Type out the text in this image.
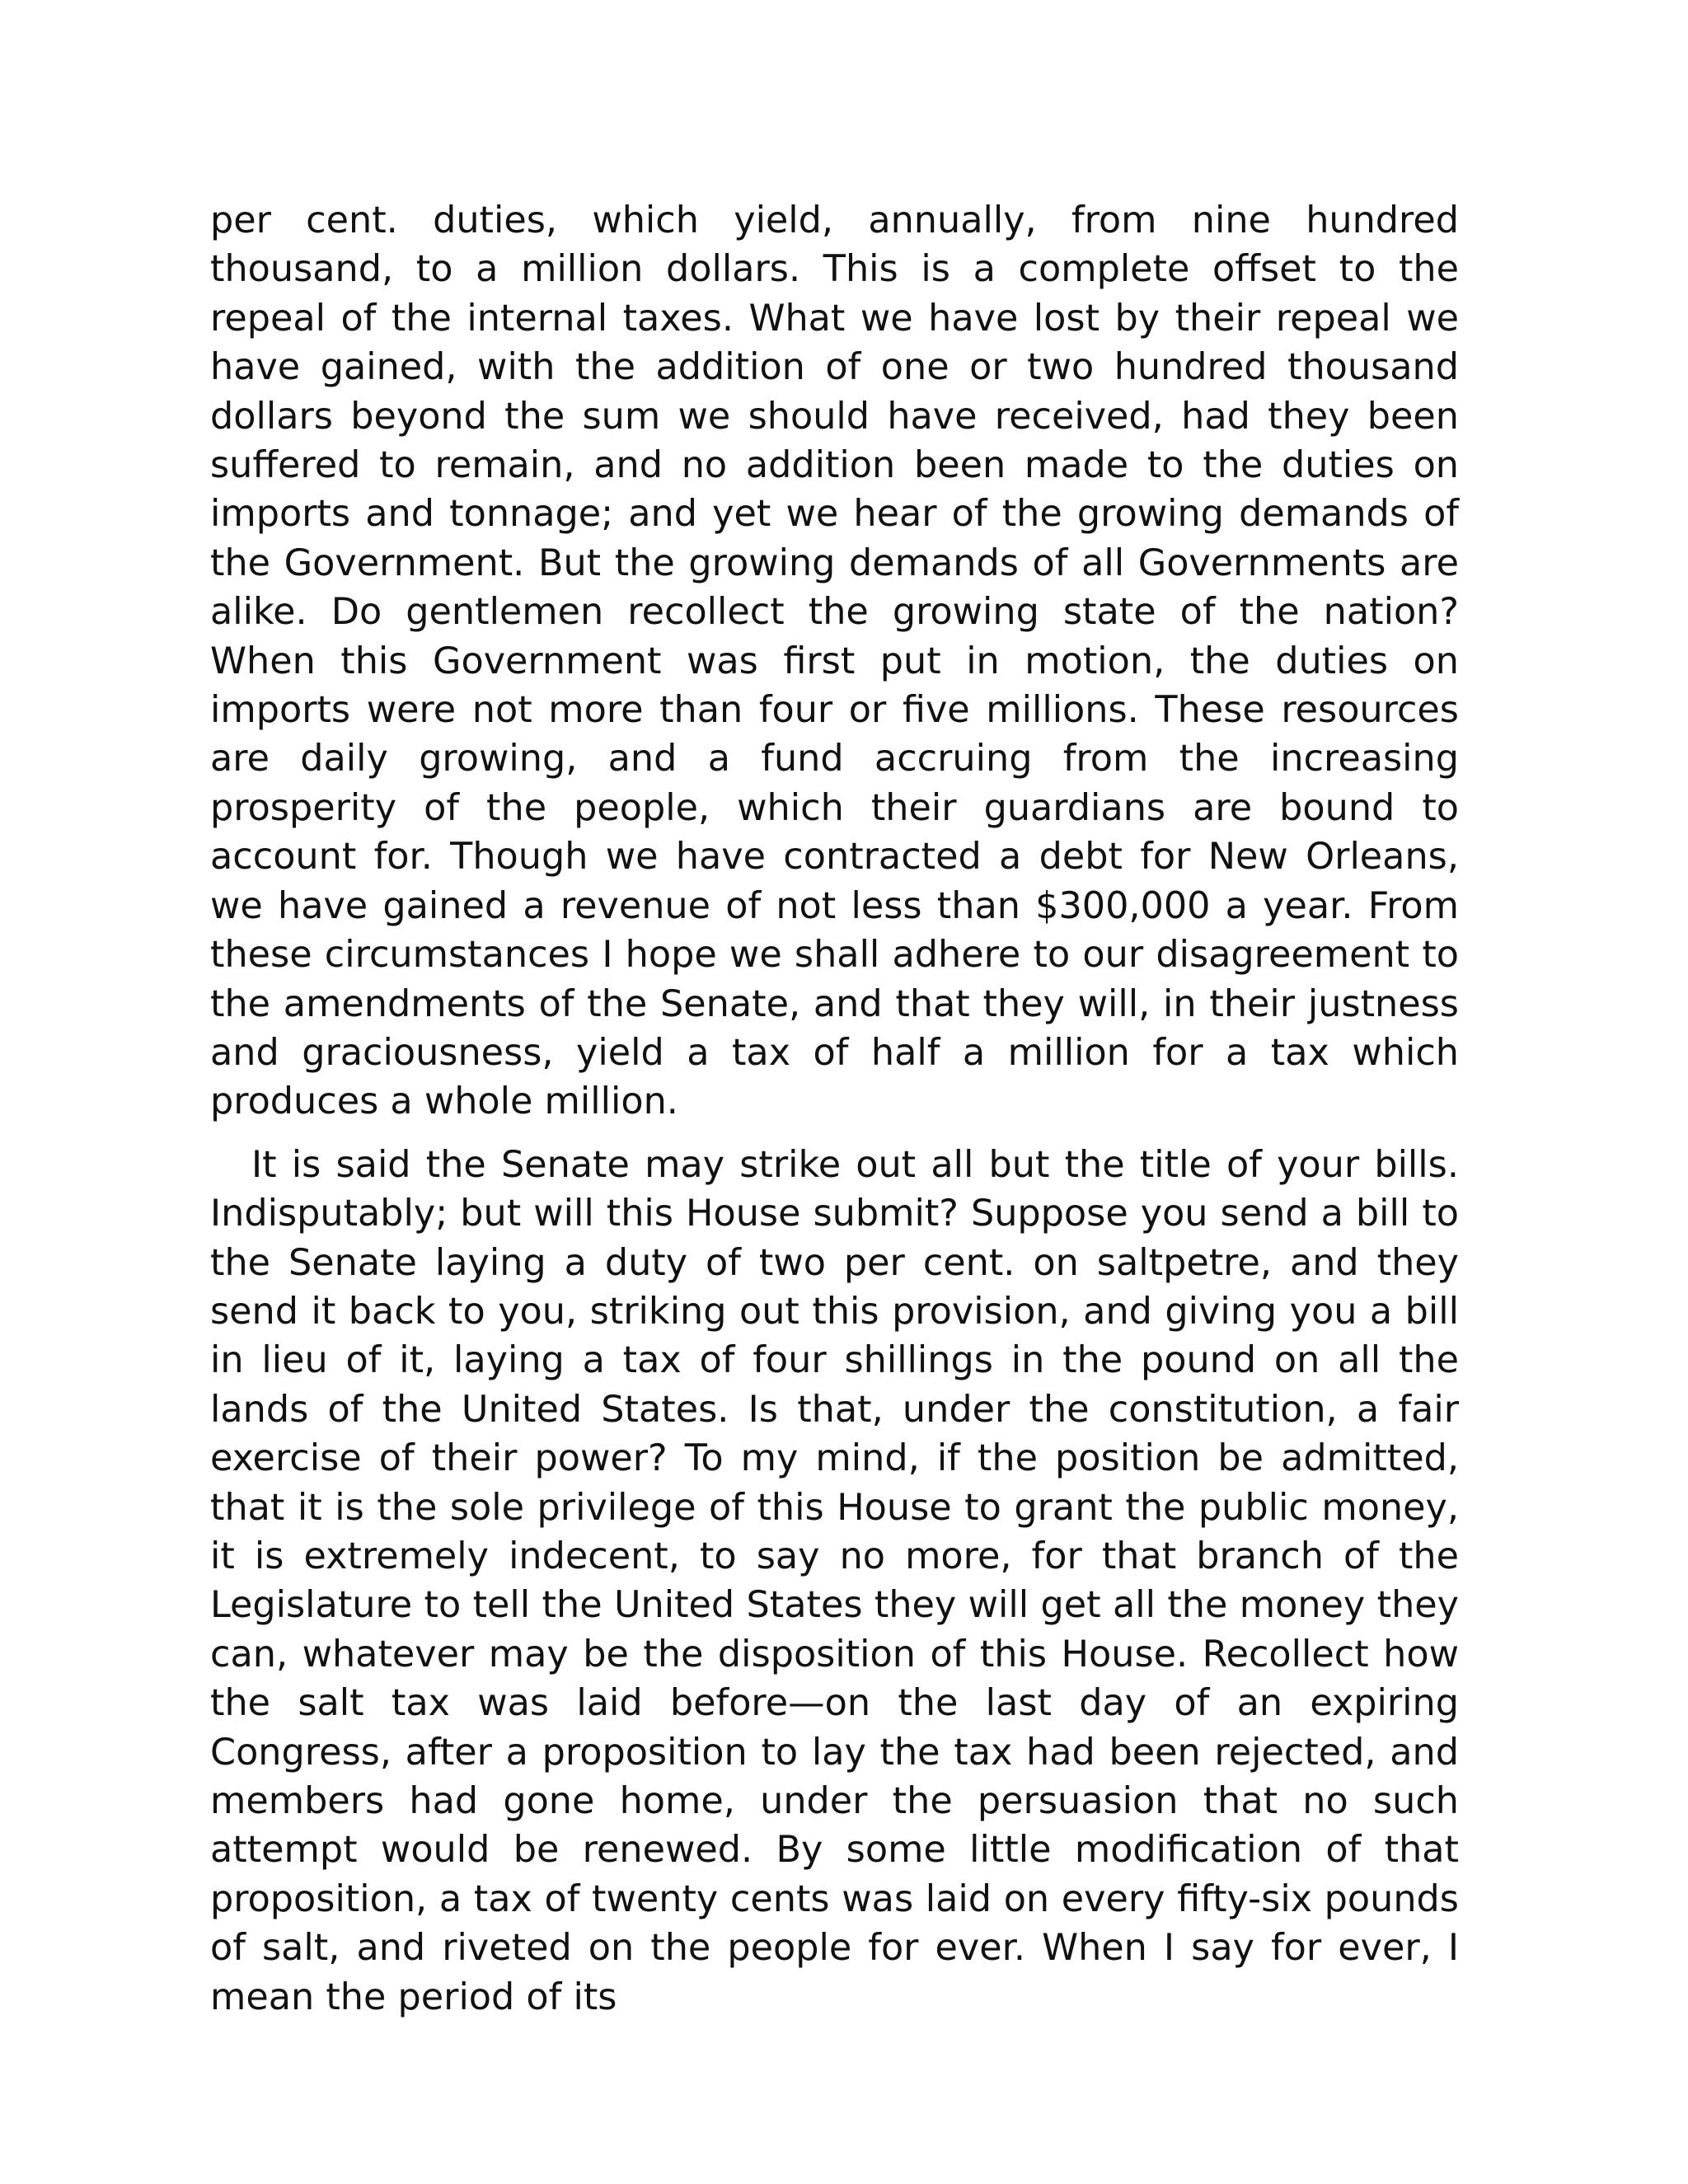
per cent. duties, which yield, annually, from nine hundred thousand, to a million dollars. This is a complete offset to the repeal of the internal taxes. What we have lost by their repeal we have gained, with the addition of one or two hundred thousand dollars beyond the sum we should have received, had they been suffered to remain, and no addition been made to the duties on imports and tonnage; and yet we hear of the growing demands of the Government. But the growing demands of all Governments are alike. Do gentlemen recollect the growing state of the nation? When this Government was first put in motion, the duties on imports were not more than four or five millions. These resources are daily growing, and a fund accruing from the increasing prosperity of the people, which their guardians are bound to account for. Though we have contracted a debt for New Orleans, we have gained a revenue of not less than $300,000 a year. From these circumstances I hope we shall adhere to our disagreement to the amendments of the Senate, and that they will, in their justness and graciousness, yield a tax of half a million for a tax which produces a whole million.

It is said the Senate may strike out all but the title of your bills. Indisputably; but will this House submit? Suppose you send a bill to the Senate laying a duty of two per cent. on saltpetre, and they send it back to you, striking out this provision, and giving you a bill in lieu of it, laying a tax of four shillings in the pound on all the lands of the United States. Is that, under the constitution, a fair exercise of their power? To my mind, if the position be admitted, that it is the sole privilege of this House to grant the public money, it is extremely indecent, to say no more, for that branch of the Legislature to tell the United States they will get all the money they can, whatever may be the disposition of this House. Recollect how the salt tax was laid before—on the last day of an expiring Congress, after a proposition to lay the tax had been rejected, and members had gone home, under the persuasion that no such attempt would be renewed. By some little modification of that proposition, a tax of twenty cents was laid on every fifty-six pounds of salt, and riveted on the people for ever. When I say for ever, I mean the period of its
